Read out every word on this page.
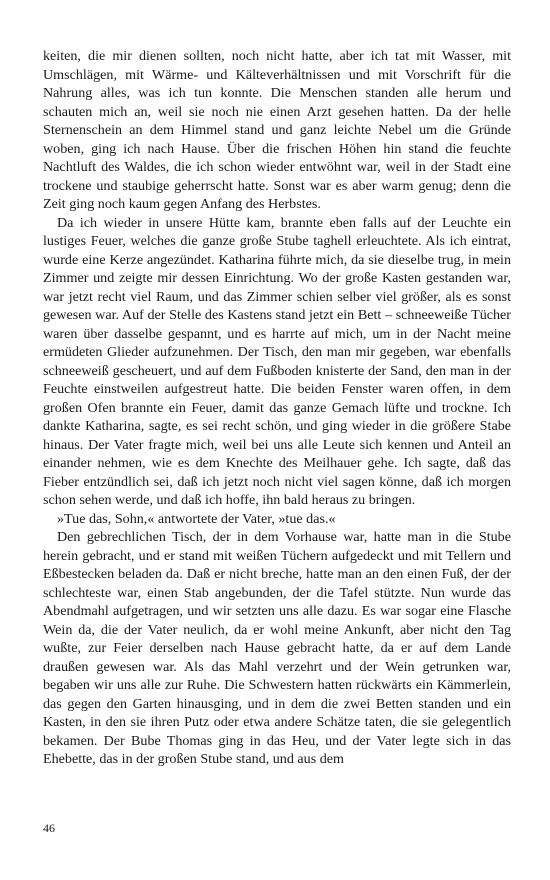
keiten, die mir dienen sollten, noch nicht hatte, aber ich tat mit Wasser, mit Umschlägen, mit Wärme- und Kälteverhältnissen und mit Vorschrift für die Nahrung alles, was ich tun konnte. Die Menschen standen alle herum und schauten mich an, weil sie noch nie einen Arzt gesehen hatten. Da der helle Sternenschein an dem Himmel stand und ganz leichte Nebel um die Gründe woben, ging ich nach Hause. Über die frischen Höhen hin stand die feuchte Nachtluft des Waldes, die ich schon wieder entwöhnt war, weil in der Stadt eine trockene und staubige geherrscht hatte. Sonst war es aber warm genug; denn die Zeit ging noch kaum gegen Anfang des Herbstes.

Da ich wieder in unsere Hütte kam, brannte eben falls auf der Leuchte ein lustiges Feuer, welches die ganze große Stube taghell erleuchtete. Als ich eintrat, wurde eine Kerze angezündet. Katharina führte mich, da sie dieselbe trug, in mein Zimmer und zeigte mir dessen Einrichtung. Wo der große Kasten gestanden war, war jetzt recht viel Raum, und das Zimmer schien selber viel größer, als es sonst gewesen war. Auf der Stelle des Kastens stand jetzt ein Bett – schneeweiße Tücher waren über dasselbe gespannt, und es harrte auf mich, um in der Nacht meine ermüdeten Glieder aufzunehmen. Der Tisch, den man mir gegeben, war ebenfalls schneeweiß gescheuert, und auf dem Fußboden knisterte der Sand, den man in der Feuchte einstweilen aufgestreut hatte. Die beiden Fenster waren offen, in dem großen Ofen brannte ein Feuer, damit das ganze Gemach lüfte und trockne. Ich dankte Katharina, sagte, es sei recht schön, und ging wieder in die größere Stabe hinaus. Der Vater fragte mich, weil bei uns alle Leute sich kennen und Anteil an einander nehmen, wie es dem Knechte des Meilhauer gehe. Ich sagte, daß das Fieber entzündlich sei, daß ich jetzt noch nicht viel sagen könne, daß ich morgen schon sehen werde, und daß ich hoffe, ihn bald heraus zu bringen.

»Tue das, Sohn,« antwortete der Vater, »tue das.«

Den gebrechlichen Tisch, der in dem Vorhause war, hatte man in die Stube herein gebracht, und er stand mit weißen Tüchern aufgedeckt und mit Tellern und Eßbestecken beladen da. Daß er nicht breche, hatte man an den einen Fuß, der der schlechteste war, einen Stab angebunden, der die Tafel stützte. Nun wurde das Abendmahl aufgetragen, und wir setzten uns alle dazu. Es war sogar eine Flasche Wein da, die der Vater neulich, da er wohl meine Ankunft, aber nicht den Tag wußte, zur Feier derselben nach Hause gebracht hatte, da er auf dem Lande draußen gewesen war. Als das Mahl verzehrt und der Wein getrunken war, begaben wir uns alle zur Ruhe. Die Schwestern hatten rückwärts ein Kämmerlein, das gegen den Garten hinausging, und in dem die zwei Betten standen und ein Kasten, in den sie ihren Putz oder etwa andere Schätze taten, die sie gelegentlich bekamen. Der Bube Thomas ging in das Heu, und der Vater legte sich in das Ehebette, das in der großen Stube stand, und aus dem

46
